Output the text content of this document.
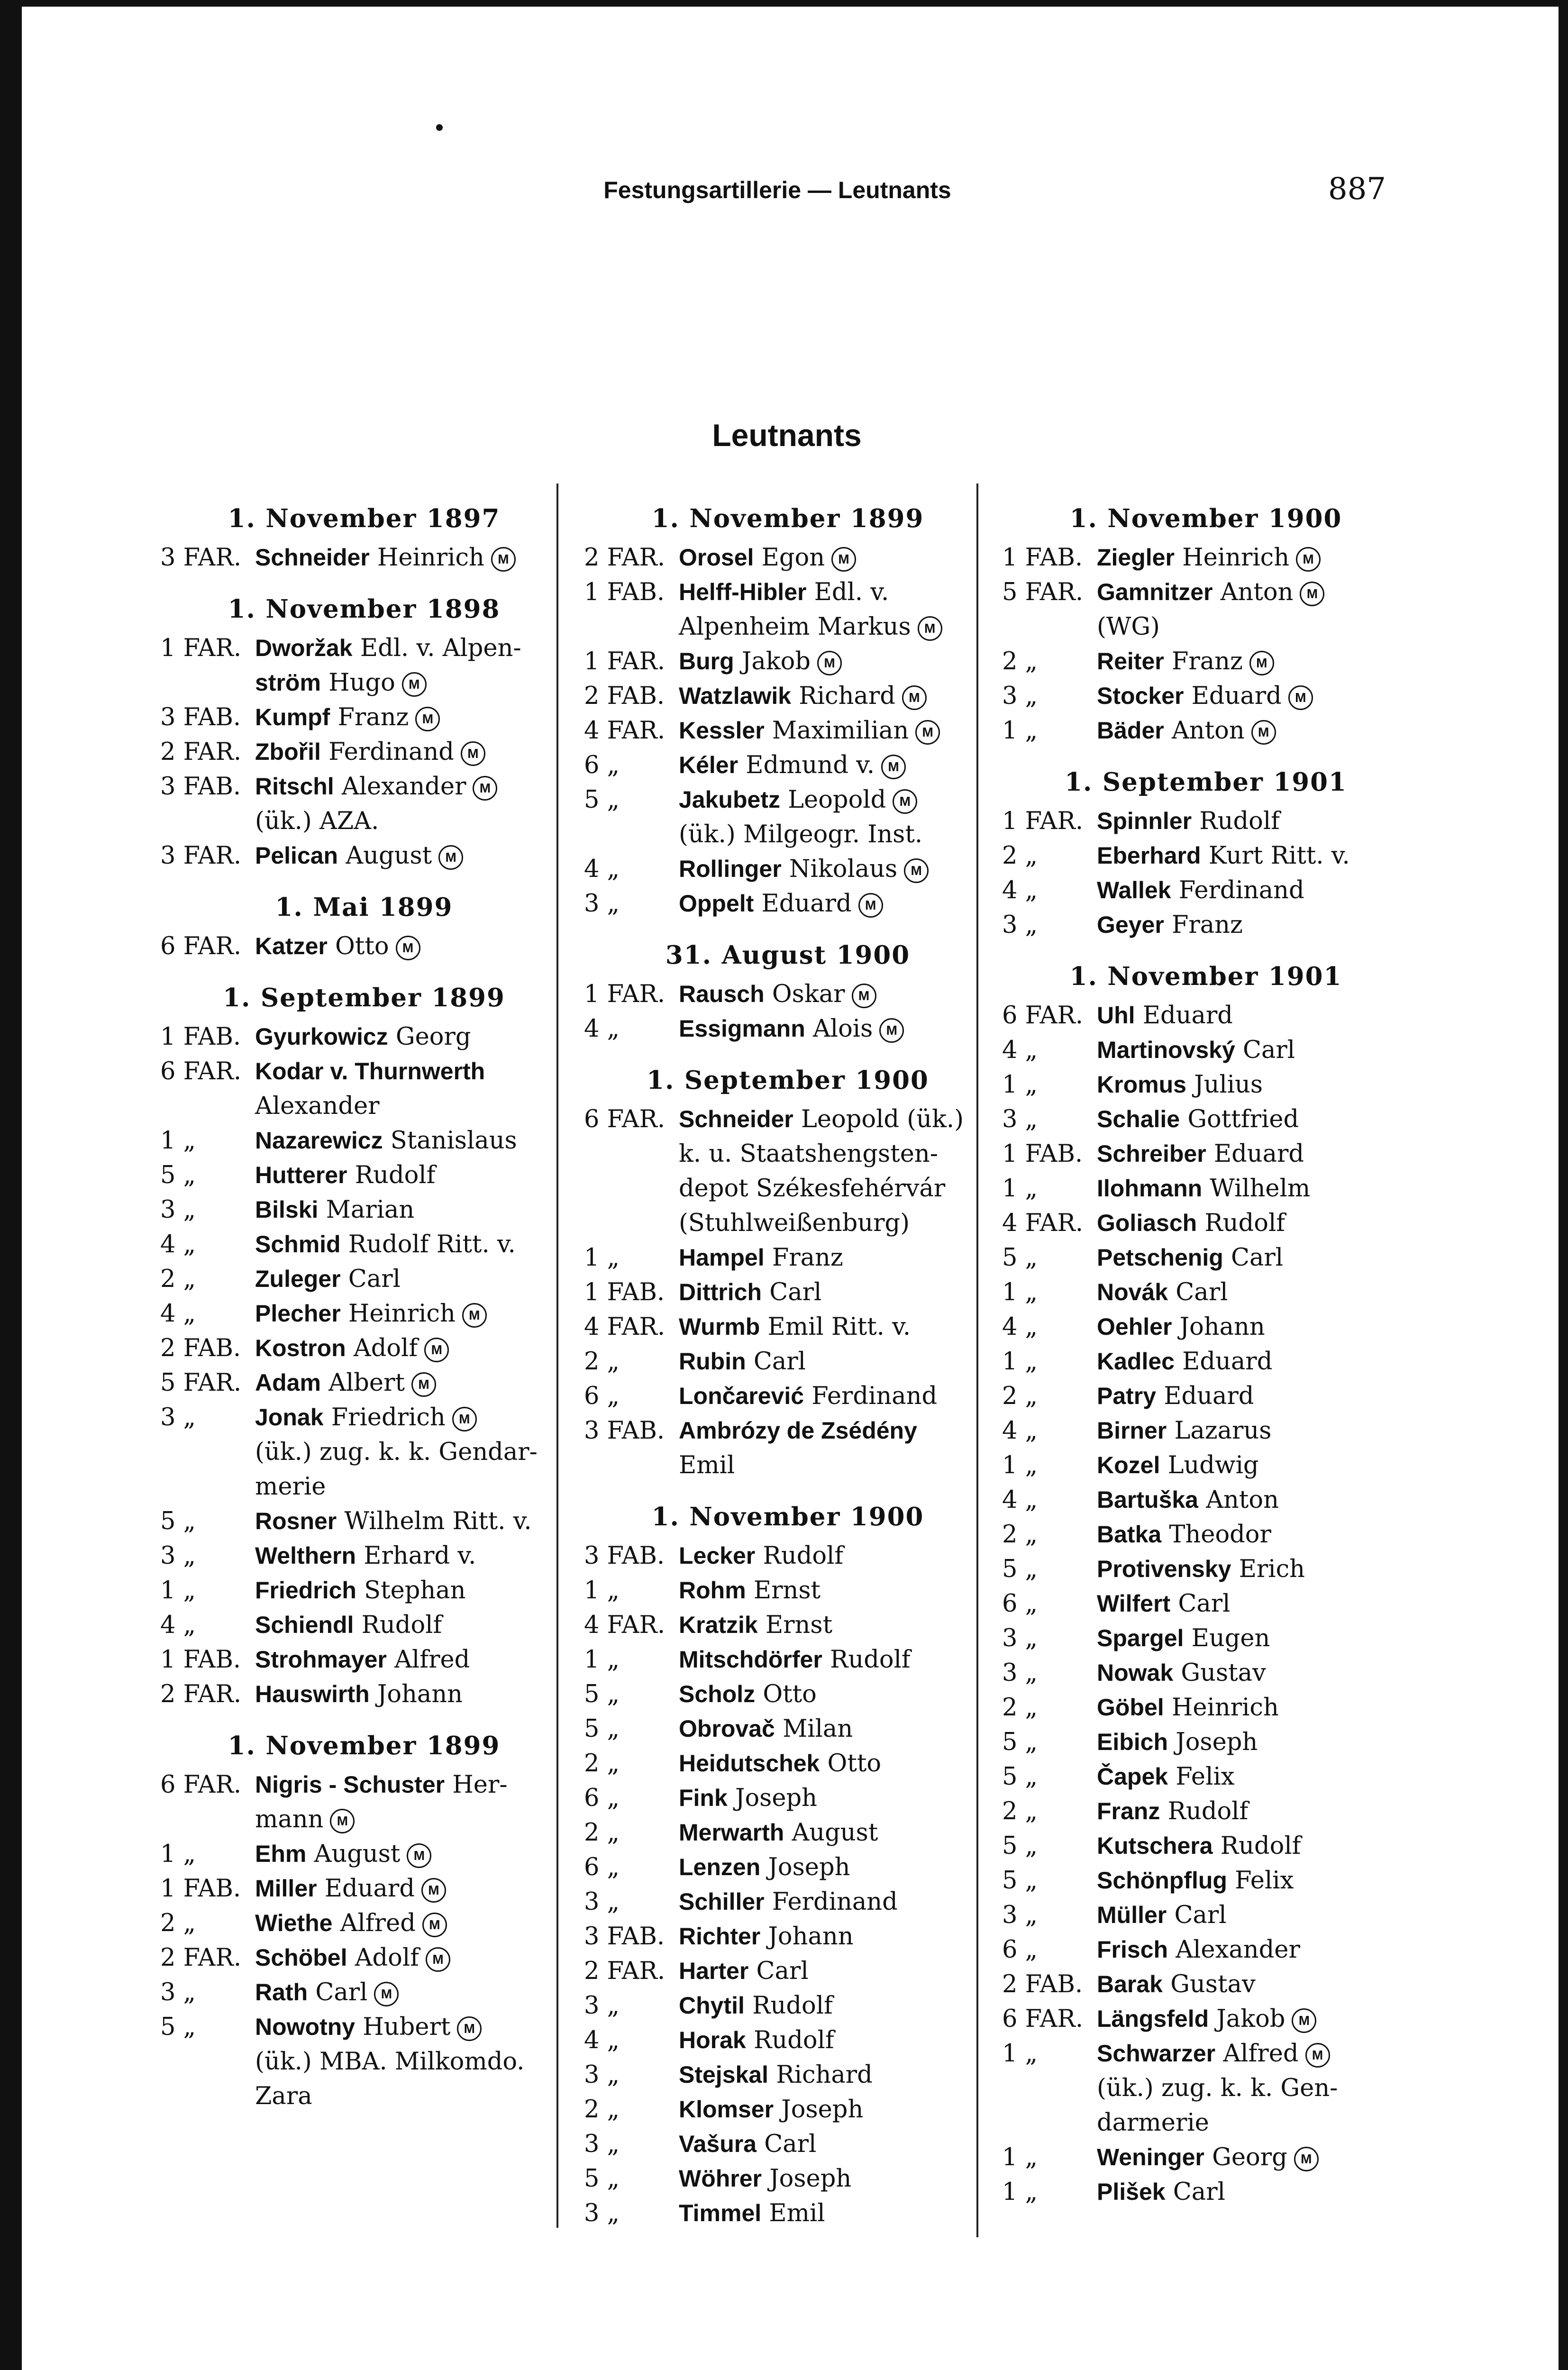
Festungsartillerie — Leutnants	887
Leutnants
1. November 1897
3 FAR. Schneider Heinrich M
1. November 1898
1 FAR. Dworžak Edl. v. Alpen-
ström Hugo M
3 FAB. Kumpf Franz M
2 FAR. Zbořil Ferdinand M
3 FAB. Ritschl Alexander M
(ük.) AZA.
3 FAR. Pelican August M
1. Mai 1899
6 FAR. Katzer Otto M
1. September 1899
1 FAB. Gyurkowicz Georg
6 FAR. Kodar v. Thurnwerth
Alexander
1 „ Nazarewicz Stanislaus
5 „ Hutterer Rudolf
3 „ Bilski Marian
4 „ Schmid Rudolf Ritt. v.
2 „ Zuleger Carl
4 „ Plecher Heinrich M
2 FAB. Kostron Adolf M
5 FAR. Adam Albert M
3 „ Jonak Friedrich M
(ük.) zug. k. k. Gendar-
merie
5 „ Rosner Wilhelm Ritt. v.
3 „ Welthern Erhard v.
1 „ Friedrich Stephan
4 „ Schiendl Rudolf
1 FAB. Strohmayer Alfred
2 FAR. Hauswirth Johann
1. November 1899
6 FAR. Nigris - Schuster Her-
mann M
1 „ Ehm August M
1 FAB. Miller Eduard M
2 „ Wiethe Alfred M
2 FAR. Schöbel Adolf M
3 „ Rath Carl M
5 „ Nowotny Hubert M
(ük.) MBA. Milkomdo.
Zara
1. November 1899
2 FAR. Orosel Egon M
1 FAB. Helff-Hibler Edl. v.
Alpenheim Markus M
1 FAR. Burg Jakob M
2 FAB. Watzlawik Richard M
4 FAR. Kessler Maximilian M
6 „ Kéler Edmund v. M
5 „ Jakubetz Leopold M
(ük.) Milgeogr. Inst.
4 „ Rollinger Nikolaus M
3 „ Oppelt Eduard M
31. August 1900
1 FAR. Rausch Oskar M
4 „ Essigmann Alois M
1. September 1900
6 FAR. Schneider Leopold (ük.)
k. u. Staatshengsten-
depot Székesfehérvár
(Stuhlweißenburg)
1 „ Hampel Franz
1 FAB. Dittrich Carl
4 FAR. Wurmb Emil Ritt. v.
2 „ Rubin Carl
6 „ Lončarević Ferdinand
3 FAB. Ambrózy de Zsédény
Emil
1. November 1900
3 FAB. Lecker Rudolf
1 „ Rohm Ernst
4 FAR. Kratzik Ernst
1 „ Mitschdörfer Rudolf
5 „ Scholz Otto
5 „ Obrovač Milan
2 „ Heidutschek Otto
6 „ Fink Joseph
2 „ Merwarth August
6 „ Lenzen Joseph
3 „ Schiller Ferdinand
3 FAB. Richter Johann
2 FAR. Harter Carl
3 „ Chytil Rudolf
4 „ Horak Rudolf
3 „ Stejskal Richard
2 „ Klomser Joseph
3 „ Vašura Carl
5 „ Wöhrer Joseph
3 „ Timmel Emil
1. November 1900
1 FAB. Ziegler Heinrich M
5 FAR. Gamnitzer Anton M
(WG)
2 „ Reiter Franz M
3 „ Stocker Eduard M
1 „ Bäder Anton M
1. September 1901
1 FAR. Spinnler Rudolf
2 „ Eberhard Kurt Ritt. v.
4 „ Wallek Ferdinand
3 „ Geyer Franz
1. November 1901
6 FAR. Uhl Eduard
4 „ Martinovský Carl
1 „ Kromus Julius
3 „ Schalie Gottfried
1 FAB. Schreiber Eduard
1 „ Ilohmann Wilhelm
4 FAR. Goliasch Rudolf
5 „ Petschenig Carl
1 „ Novák Carl
4 „ Oehler Johann
1 „ Kadlec Eduard
2 „ Patry Eduard
4 „ Birner Lazarus
1 „ Kozel Ludwig
4 „ Bartuška Anton
2 „ Batka Theodor
5 „ Protivensky Erich
6 „ Wilfert Carl
3 „ Spargel Eugen
3 „ Nowak Gustav
2 „ Göbel Heinrich
5 „ Eibich Joseph
5 „ Čapek Felix
2 „ Franz Rudolf
5 „ Kutschera Rudolf
5 „ Schönpflug Felix
3 „ Müller Carl
6 „ Frisch Alexander
2 FAB. Barak Gustav
6 FAR. Längsfeld Jakob M
1 „ Schwarzer Alfred M
(ük.) zug. k. k. Gen-
darmerie
1 „ Weninger Georg M
1 „ Plišek Carl
